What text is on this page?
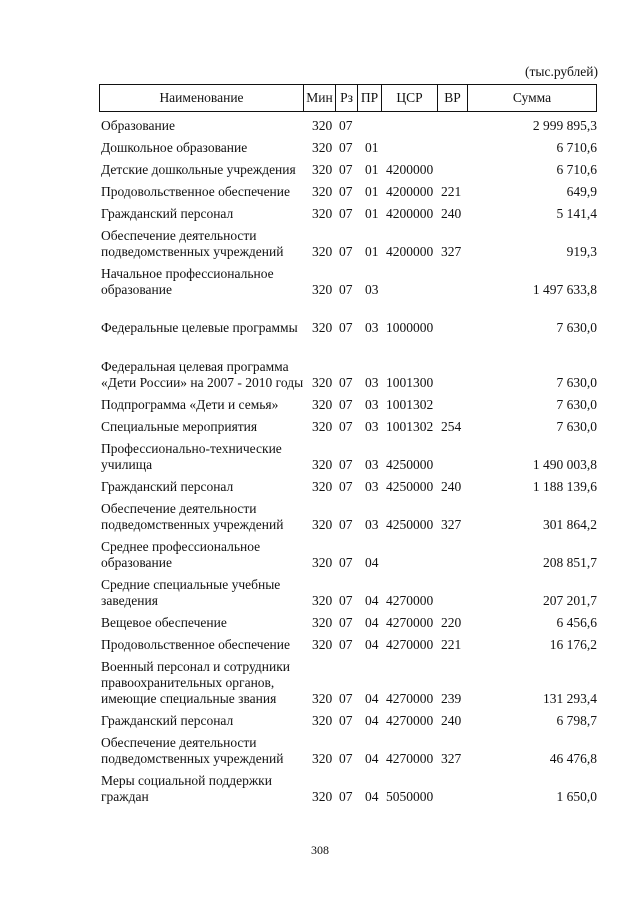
(тыс.рублей)
Наименование	Мин Рз ПР	ЦСР	ВР	Сумма
Образование	320 07	2 999 895,3
Дошкольное образование	320 07 01	6 710,6
Детские дошкольные учреждения	320 07 01 4200000	6 710,6
Продовольственное обеспечение	320 07 01 4200000 221	649,9
Гражданский персонал	320 07 01 4200000 240	5 141,4
Обеспечение деятельности подведомственных учреждений	320 07 01 4200000 327	919,3
Начальное профессиональное образование	320 07 03	1 497 633,8
Федеральные целевые программы	320 07 03 1000000	7 630,0
Федеральная целевая программа «Дети России» на 2007 - 2010 годы 320 07 03 1001300	7 630,0
Подпрограмма «Дети и семья»	320 07 03 1001302	7 630,0
Специальные мероприятия	320 07 03 1001302 254	7 630,0
Профессионально-технические училища	320 07 03 4250000	1 490 003,8
Гражданский персонал	320 07 03 4250000 240	1 188 139,6
Обеспечение деятельности подведомственных учреждений	320 07 03 4250000 327	301 864,2
Среднее профессиональное образование	320 07 04	208 851,7
Средние специальные учебные заведения	320 07 04 4270000	207 201,7
Вещевое обеспечение	320 07 04 4270000 220	6 456,6
Продовольственное обеспечение	320 07 04 4270000 221	16 176,2
Военный персонал и сотрудники правоохранительных органов, имеющие специальные звания	320 07 04 4270000 239	131 293,4
Гражданский персонал	320 07 04 4270000 240	6 798,7
Обеспечение деятельности подведомственных учреждений	320 07 04 4270000 327	46 476,8
Меры социальной поддержки граждан	320 07 04 5050000	1 650,0
308
